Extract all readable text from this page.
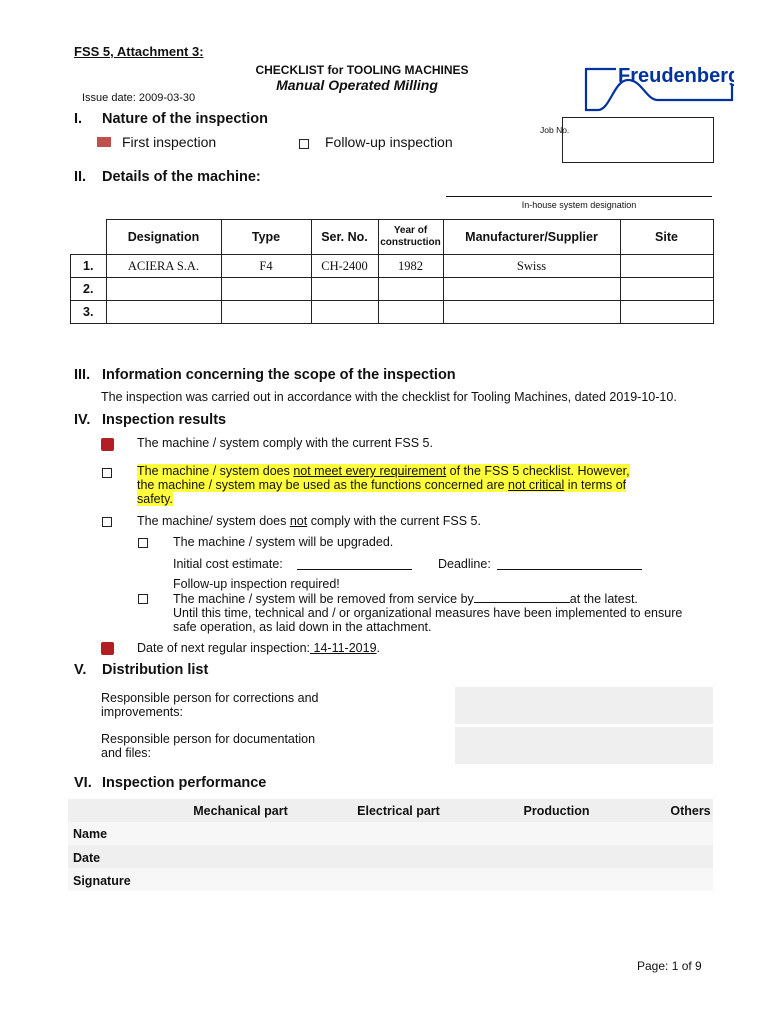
FSS 5, Attachment 3:
CHECKLIST for TOOLING MACHINES
Manual Operated Milling
Issue date: 2009-03-30
Freudenberg
Job No.
I. Nature of the inspection
First inspection	Follow-up inspection
II. Details of the machine:
In-house system designation
	Designation	Type	Ser. No.	Year of construction	Manufacturer/Supplier	Site
1.	ACIERA S.A.	F4	CH-2400	1982	Swiss	
2.						
3.						
III. Information concerning the scope of the inspection
The inspection was carried out in accordance with the checklist for Tooling Machines, dated 2019-10-10.
IV. Inspection results
The machine / system comply with the current FSS 5.
The machine / system does not meet every requirement of the FSS 5 checklist. However,
the machine / system may be used as the functions concerned are not critical in terms of
safety.
The machine/ system does not comply with the current FSS 5.
The machine / system will be upgraded.
Initial cost estimate:	Deadline:
Follow-up inspection required!
The machine / system will be removed from service by	at the latest.
Until this time, technical and / or organizational measures have been implemented to ensure
safe operation, as laid down in the attachment.
Date of next regular inspection: 14-11-2019.
V. Distribution list
Responsible person for corrections and
improvements:
Responsible person for documentation
and files:
VI. Inspection performance
Mechanical part	Electrical part	Production	Others
Name
Date
Signature
Page: 1 of 9
